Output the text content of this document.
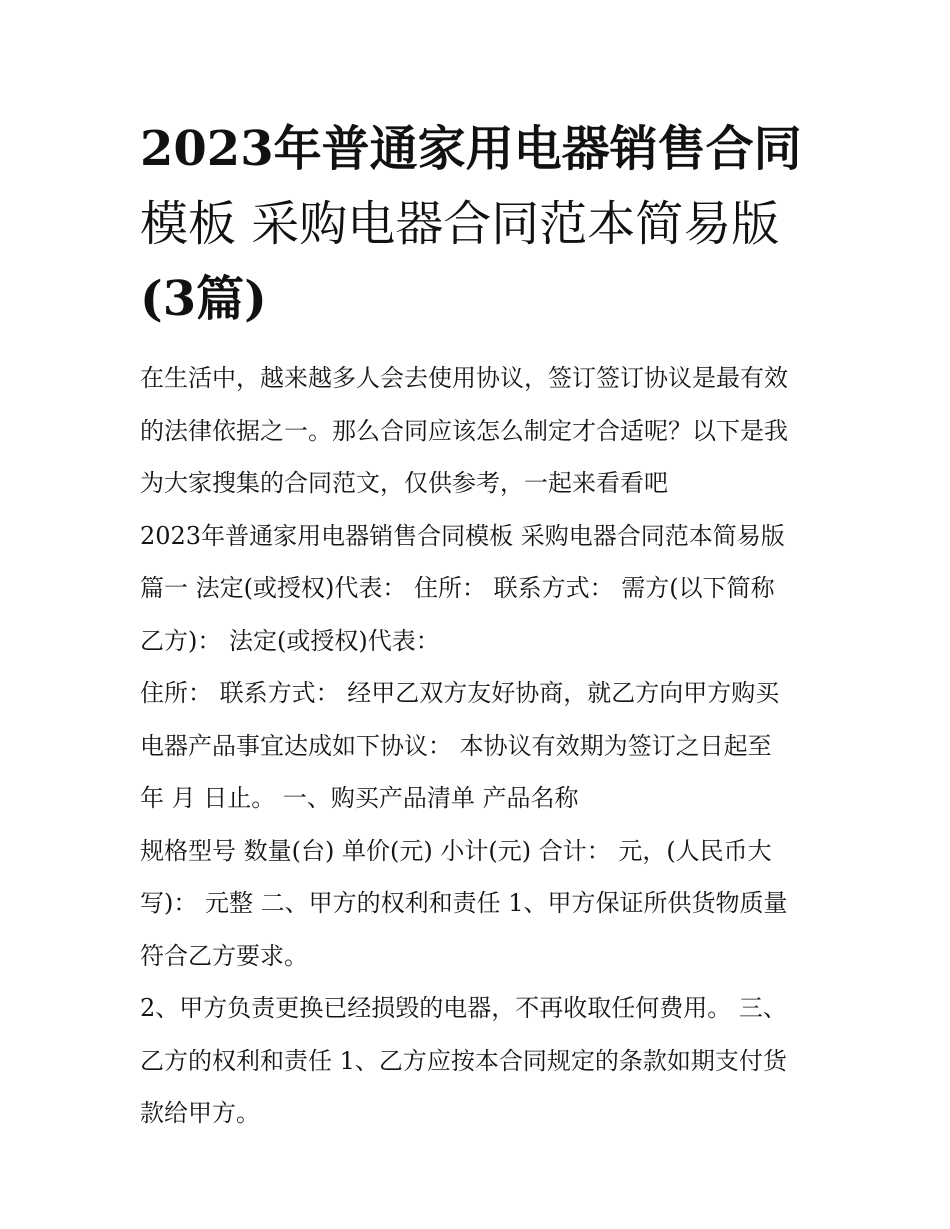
2023年普通家用电器销售合同
模板 采购电器合同范本简易版
(3篇)
在生活中，越来越多人会去使用协议，签订签订协议是最有效
的法律依据之一。那么合同应该怎么制定才合适呢？以下是我
为大家搜集的合同范文，仅供参考，一起来看看吧
2023年普通家用电器销售合同模板 采购电器合同范本简易版
篇一 法定(或授权)代表： 住所： 联系方式： 需方(以下简称
乙方)： 法定(或授权)代表：
住所： 联系方式： 经甲乙双方友好协商，就乙方向甲方购买
电器产品事宜达成如下协议： 本协议有效期为签订之日起至
年 月 日止。 一、购买产品清单 产品名称
规格型号 数量(台) 单价(元) 小计(元) 合计： 元，(人民币大
写)： 元整 二、甲方的权利和责任 1、甲方保证所供货物质量
符合乙方要求。
2、甲方负责更换已经损毁的电器，不再收取任何费用。 三、
乙方的权利和责任 1、乙方应按本合同规定的条款如期支付货
款给甲方。
